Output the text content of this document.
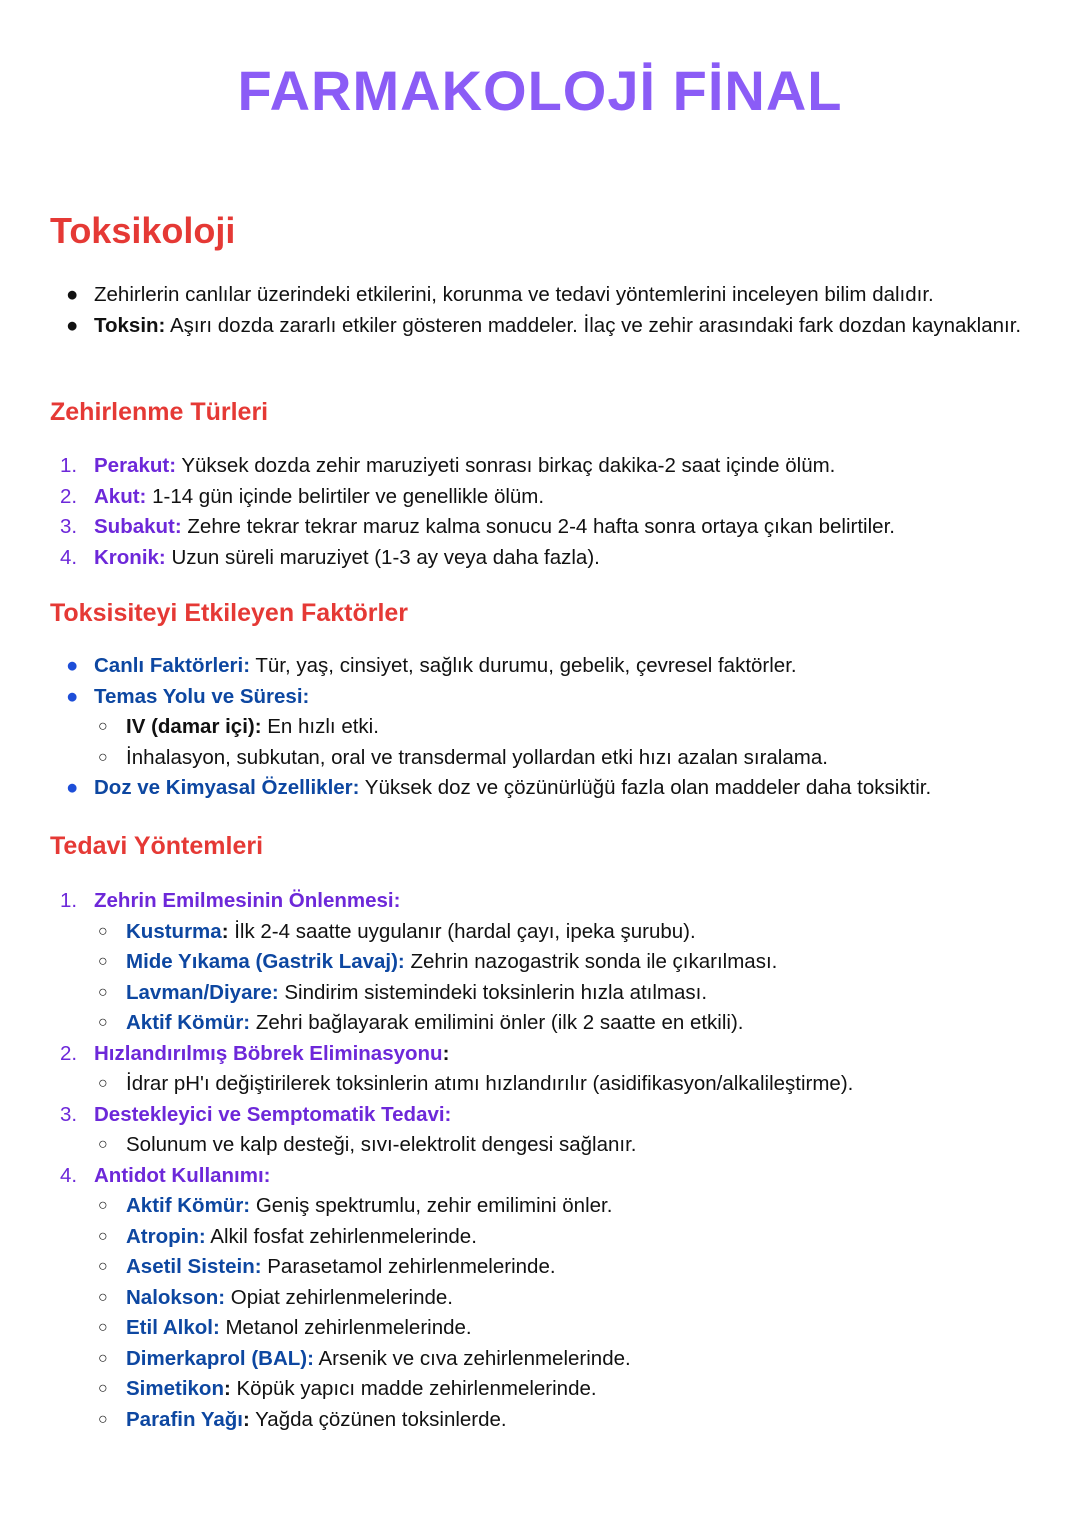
FARMAKOLOJİ FİNAL
Toksikoloji
● Zehirlerin canlılar üzerindeki etkilerini, korunma ve tedavi yöntemlerini inceleyen bilim dalıdır.
● Toksin: Aşırı dozda zararlı etkiler gösteren maddeler. İlaç ve zehir arasındaki fark dozdan kaynaklanır.
Zehirlenme Türleri
1. Perakut: Yüksek dozda zehir maruziyeti sonrası birkaç dakika-2 saat içinde ölüm.
2. Akut: 1-14 gün içinde belirtiler ve genellikle ölüm.
3. Subakut: Zehre tekrar tekrar maruz kalma sonucu 2-4 hafta sonra ortaya çıkan belirtiler.
4. Kronik: Uzun süreli maruziyet (1-3 ay veya daha fazla).
Toksisiteyi Etkileyen Faktörler
● Canlı Faktörleri: Tür, yaş, cinsiyet, sağlık durumu, gebelik, çevresel faktörler.
● Temas Yolu ve Süresi:
○ IV (damar içi): En hızlı etki.
○ İnhalasyon, subkutan, oral ve transdermal yollardan etki hızı azalan sıralama.
● Doz ve Kimyasal Özellikler: Yüksek doz ve çözünürlüğü fazla olan maddeler daha toksiktir.
Tedavi Yöntemleri
1. Zehrin Emilmesinin Önlenmesi:
○ Kusturma: İlk 2-4 saatte uygulanır (hardal çayı, ipeka şurubu).
○ Mide Yıkama (Gastrik Lavaj): Zehrin nazogastrik sonda ile çıkarılması.
○ Lavman/Diyare: Sindirim sistemindeki toksinlerin hızla atılması.
○ Aktif Kömür: Zehri bağlayarak emilimini önler (ilk 2 saatte en etkili).
2. Hızlandırılmış Böbrek Eliminasyonu:
○ İdrar pH'ı değiştirilerek toksinlerin atımı hızlandırılır (asidifikasyon/alkalileştirme).
3. Destekleyici ve Semptomatik Tedavi:
○ Solunum ve kalp desteği, sıvı-elektrolit dengesi sağlanır.
4. Antidot Kullanımı:
○ Aktif Kömür: Geniş spektrumlu, zehir emilimini önler.
○ Atropin: Alkil fosfat zehirlenmelerinde.
○ Asetil Sistein: Parasetamol zehirlenmelerinde.
○ Nalokson: Opiat zehirlenmelerinde.
○ Etil Alkol: Metanol zehirlenmelerinde.
○ Dimerkaprol (BAL): Arsenik ve cıva zehirlenmelerinde.
○ Simetikon: Köpük yapıcı madde zehirlenmelerinde.
○ Parafin Yağı: Yağda çözünen toksinlerde.
